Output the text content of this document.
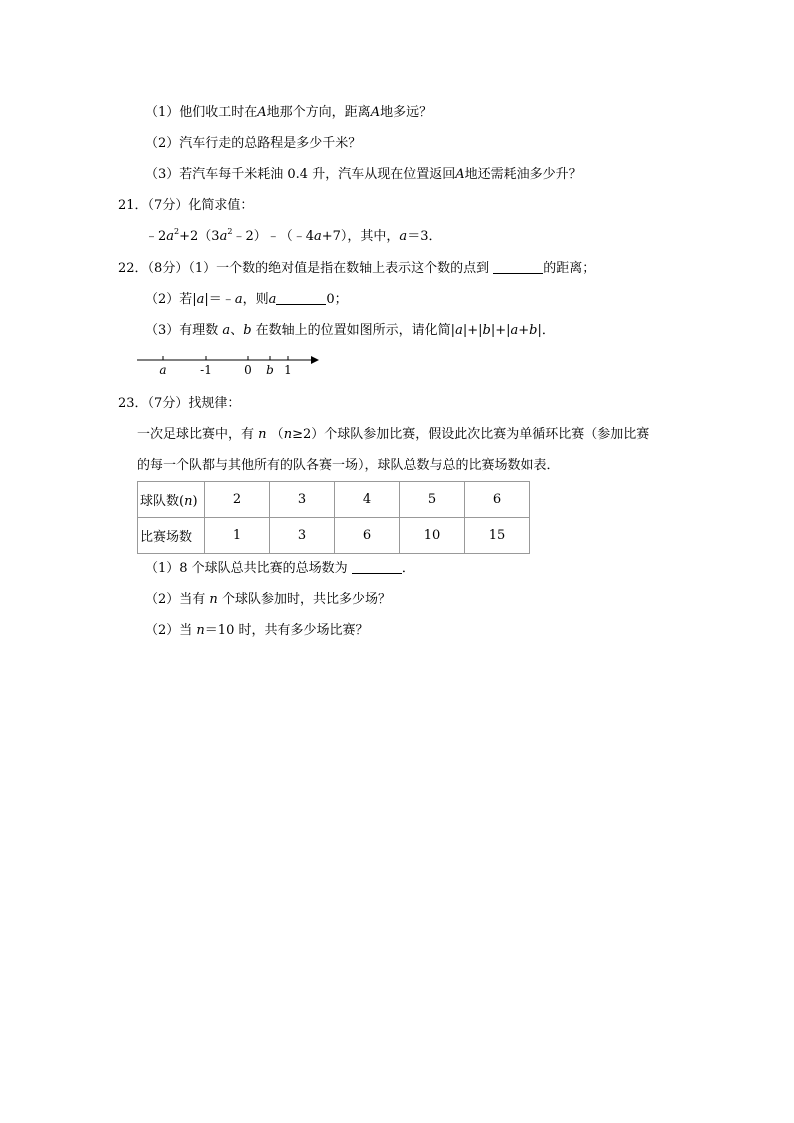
（1）他们收工时在A地那个方向，距离A地多远？
（2）汽车行走的总路程是多少千米？
（3）若汽车每千米耗油 0.4 升，汽车从现在位置返回A地还需耗油多少升？
21．（7分）化简求值：
$﹣2a^2+2(3a^2﹣2)﹣(﹣4a+7)$，其中，a＝3．
22．（8分）（1）一个数的绝对值是指在数轴上表示这个数的点到	的距离；
（2）若|a|＝﹣a，则a	0；
（3）有理数 a、b 在数轴上的位置如图所示，请化简|a|+|b|+|a+b|．
a	-1	0 b 1
23．（7分）找规律：
一次足球比赛中，有 n （n≥2）个球队参加比赛，假设此次比赛为单循环比赛（参加比赛
的每一个队都与其他所有的队各赛一场），球队总数与总的比赛场数如表．
球队数(n)	2	3	4	5	6
比赛场数	1	3	6	10	15
（1）8 个球队总共比赛的总场数为	．
（2）当有 n 个球队参加时，共比多少场？
（2）当 n＝10 时，共有多少场比赛？
